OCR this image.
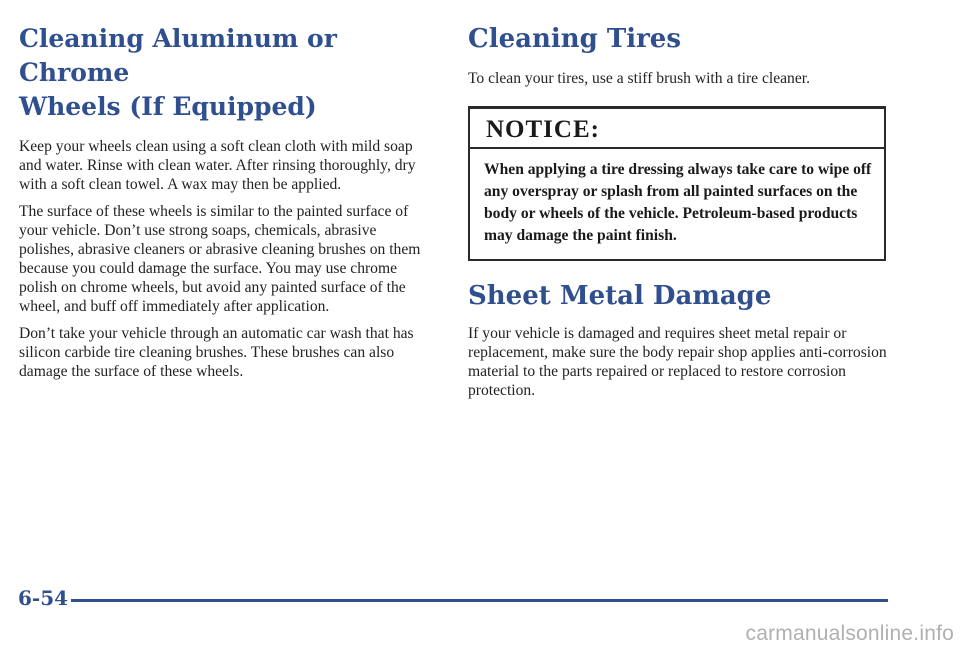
Cleaning Aluminum or Chrome
Wheels (If Equipped)

Keep your wheels clean using a soft clean cloth with mild soap and water. Rinse with clean water. After rinsing thoroughly, dry with a soft clean towel. A wax may then be applied.

The surface of these wheels is similar to the painted surface of your vehicle. Don’t use strong soaps, chemicals, abrasive polishes, abrasive cleaners or abrasive cleaning brushes on them because you could damage the surface. You may use chrome polish on chrome wheels, but avoid any painted surface of the wheel, and buff off immediately after application.

Don’t take your vehicle through an automatic car wash that has silicon carbide tire cleaning brushes. These brushes can also damage the surface of these wheels.

Cleaning Tires

To clean your tires, use a stiff brush with a tire cleaner.

NOTICE:

When applying a tire dressing always take care to wipe off any overspray or splash from all painted surfaces on the body or wheels of the vehicle. Petroleum-based products may damage the paint finish.
Sheet Metal Damage

If your vehicle is damaged and requires sheet metal repair or replacement, make sure the body repair shop applies anti-corrosion material to the parts repaired or replaced to restore corrosion protection.

6-54
carmanualsonline.info
